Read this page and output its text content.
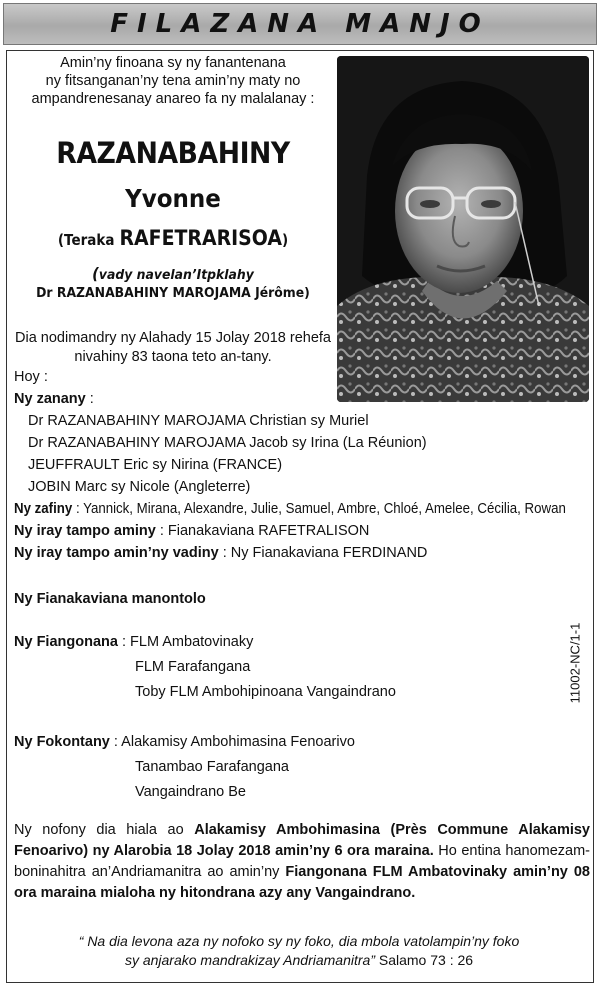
FILAZANA MANJO
Amin’ny finoana sy ny fanantenana
ny fitsanganan’ny tena amin’ny maty no
ampandrenesanay anareo fa ny malalanay :
RAZANABAHINY
Yvonne
(Teraka RAFETRARISOA)
(vady navelan’Itpklahy
Dr RAZANABAHINY MAROJAMA Jérôme)
Dia nodimandry ny Alahady 15 Jolay 2018 rehefa
nivahiny 83 taona teto an-tany.
Hoy :
Ny zanany :
Dr RAZANABAHINY MAROJAMA Christian sy Muriel
Dr RAZANABAHINY MAROJAMA Jacob sy Irina (La Réunion)
JEUFFRAULT Eric sy Nirina (FRANCE)
JOBIN Marc sy Nicole (Angleterre)
Ny zafiny : Yannick, Mirana, Alexandre, Julie, Samuel, Ambre, Chloé, Amelee, Cécilia, Rowan
Ny iray tampo aminy : Fianakaviana RAFETRALISON
Ny iray tampo amin’ny vadiny : Ny Fianakaviana FERDINAND
Ny Fianakaviana manontolo
Ny Fiangonana : FLM Ambatovinaky
FLM Farafangana
Toby FLM Ambohipinoana Vangaindrano
Ny Fokontany : Alakamisy Ambohimasina Fenoarivo
Tanambao Farafangana
Vangaindrano Be
11002-NC/1-1
Ny nofony dia hiala ao Alakamisy Ambohimasina (Près Commune Alakamisy Fenoarivo) ny Alarobia 18 Jolay 2018 amin’ny 6 ora maraina. Ho entina hanomezam-boninahitra an’Andriamanitra ao amin’ny Fiangonana FLM Ambatovinaky amin’ny 08 ora maraina mialoha ny hitondrana azy any Vangaindrano.
“ Na dia levona aza ny nofoko sy ny foko, dia mbola vatolampin’ny foko
sy anjarako mandrakizay Andriamanitra” Salamo 73 : 26
